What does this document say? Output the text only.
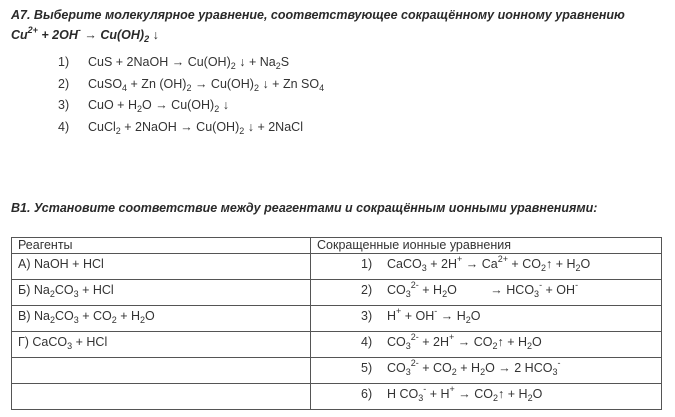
А7. Выберите молекулярное уравнение, соответствующее сокращённому ионному уравнению
$Cu^{2+} + 2OH^- \to Cu(OH)_2$ ↓
1) CuS + 2NaOH → $Cu(OH)_2$ ↓ + $Na_2S$
2) CuSO$_4$ + Zn $(OH)_2 \to Cu(OH)_2$ ↓ + Zn $SO_4$
3) CuO + $H_2O \to Cu(OH)_2$ ↓
4) CuCl$_2$ + 2NaOH → $Cu(OH)_2$ ↓ + 2NaCl
В1. Установите соответствие между реагентами и сокращённым ионными уравнениями:
Реагенты	Сокращенные ионные уравнения
А) NaOH + HCl	1) CaCO$_3$ + $2H^+ \to Ca^{2+}$ + $CO_2↑ + H_2O$
Б) $Na_2CO_3$ + HCl	2) $CO_3^{2-} + H_2O \to HCO_3^- + OH^-$
В) $Na_2CO_3 + CO_2 + H_2O$	3) $H^+ + OH^- \to H_2O$
Г) CaCO$_3$ + HCl	4) $CO_3^{2-} + 2H^+$ → $CO_2↑ + H_2O$
	5) $CO_3^{2-} + CO_2 + H_2O \to 2$ $HCO_3^-$
	6) H $CO_3^- + H^+$ → $CO_2↑ + H_2O$
